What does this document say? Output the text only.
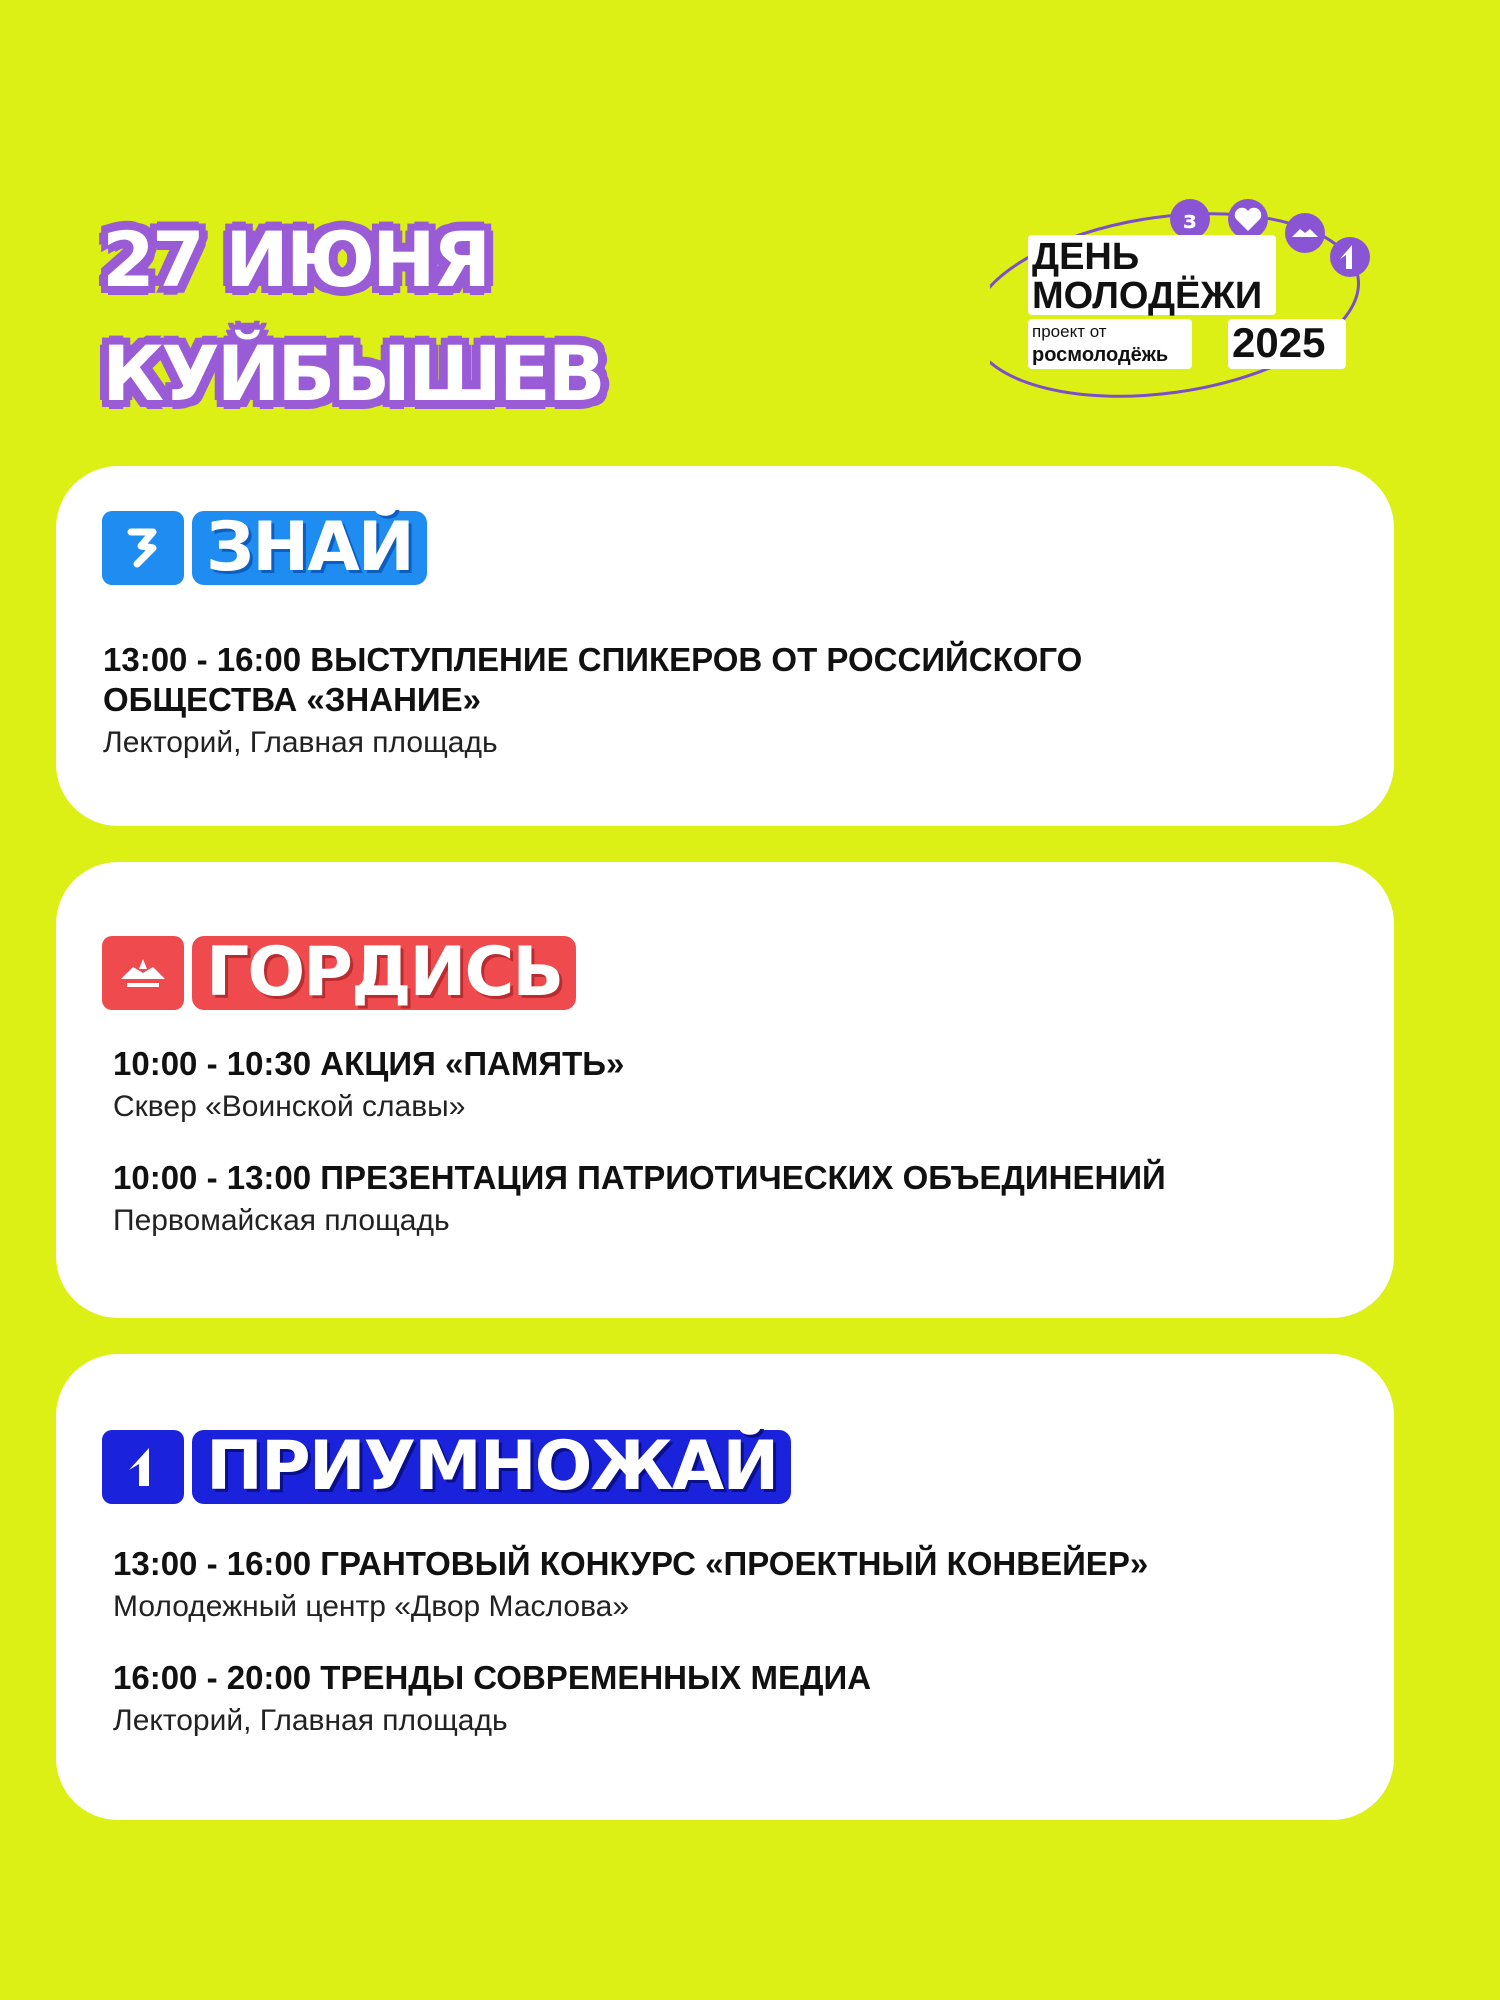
27 ИЮНЯ
КУЙБЫШЕВ
з
ДЕНЬ
МОЛОДЁЖИ
проект от
росмолодёжь 2025
ЗНАЙ
13:00 - 16:00 ВЫСТУПЛЕНИЕ СПИКЕРОВ ОТ РОССИЙСКОГО
ОБЩЕСТВА «ЗНАНИЕ»
Лекторий, Главная площадь
ГОРДИСЬ
10:00 - 10:30 АКЦИЯ «ПАМЯТЬ»
Сквер «Воинской славы»
10:00 - 13:00 ПРЕЗЕНТАЦИЯ ПАТРИОТИЧЕСКИХ ОБЪЕДИНЕНИЙ
Первомайская площадь
ПРИУМНОЖАЙ
13:00 - 16:00 ГРАНТОВЫЙ КОНКУРС «ПРОЕКТНЫЙ КОНВЕЙЕР»
Молодежный центр «Двор Маслова»
16:00 - 20:00 ТРЕНДЫ СОВРЕМЕННЫХ МЕДИА
Лекторий, Главная площадь
